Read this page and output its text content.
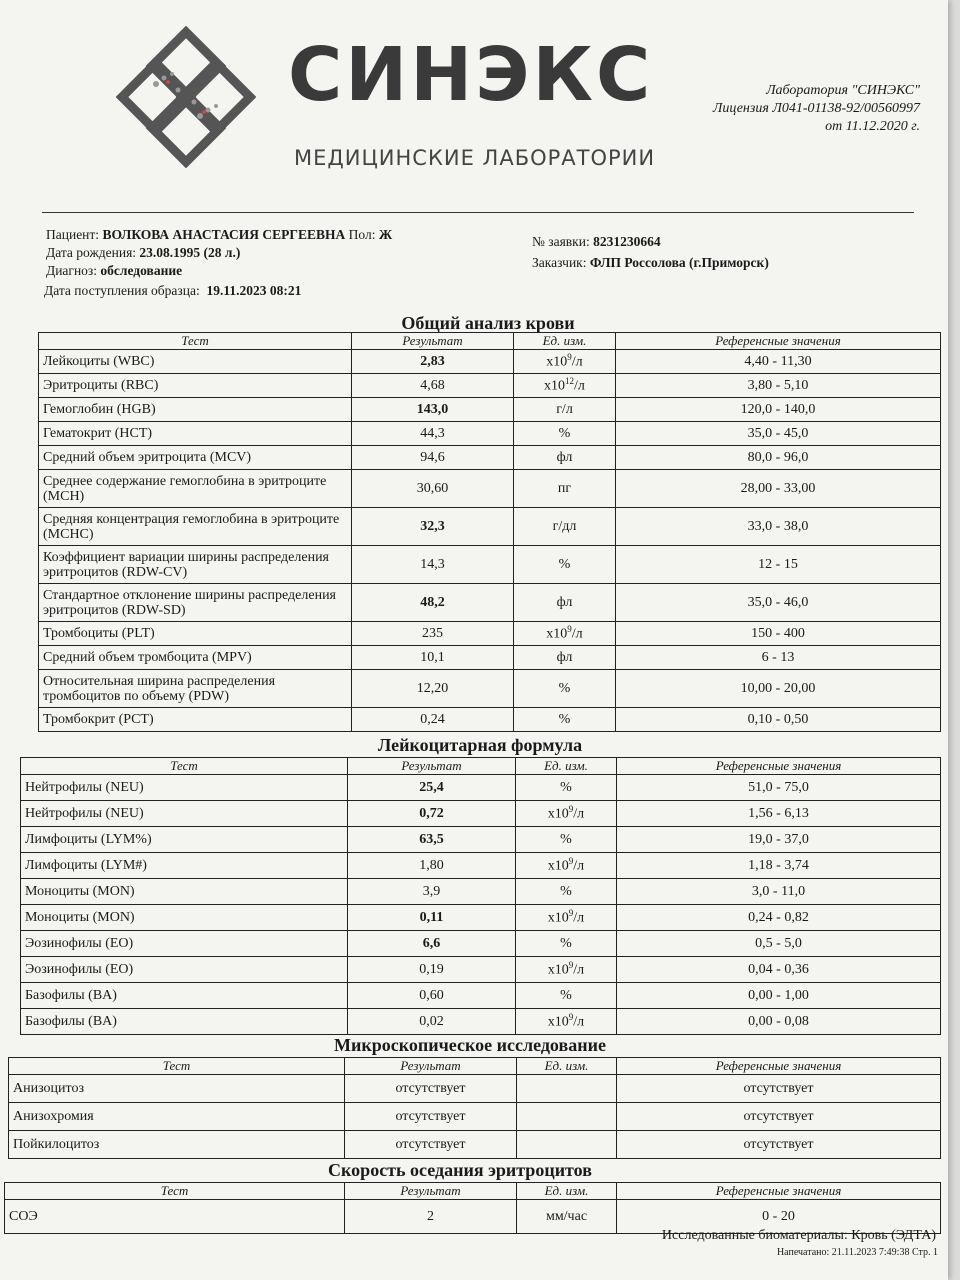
СИНЭКС
МЕДИЦИНСКИЕ ЛАБОРАТОРИИ
Лаборатория "СИНЭКС"
Лицензия Л041-01138-92/00560997
от 11.12.2020 г.
Пациент: ВОЛКОВА АНАСТАСИЯ СЕРГЕЕВНА Пол: Ж
Дата рождения: 23.08.1995 (28 л.)
Диагноз: обследование
Дата поступления образца: 19.11.2023 08:21
№ заявки: 8231230664
Заказчик: ФЛП Россолова (г.Приморск)
Общий анализ крови
Тест	Результат	Ед. изм.	Референсные значения
Лейкоциты (WBC)	2,83	$x10^9/л$	4,40 - 11,30
Эритроциты (RBC)	4,68	$x10^{12}/л$	3,80 - 5,10
Гемоглобин (HGB)	143,0	г/л	120,0 - 140,0
Гематокрит (HCT)	44,3	%	35,0 - 45,0
Средний объем эритроцита (MCV)	94,6	фл	80,0 - 96,0
Среднее содержание гемоглобина в эритроците (MCH)	30,60	пг	28,00 - 33,00
Средняя концентрация гемоглобина в эритроците (MCHC)	32,3	г/дл	33,0 - 38,0
Коэффициент вариации ширины распределения эритроцитов (RDW-CV)	14,3	%	12 - 15
Стандартное отклонение ширины распределения эритроцитов (RDW-SD)	48,2	фл	35,0 - 46,0
Тромбоциты (PLT)	235	$x10^9/л$	150 - 400
Средний объем тромбоцита (MPV)	10,1	фл	6 - 13
Относительная ширина распределения тромбоцитов по объему (PDW)	12,20	%	10,00 - 20,00
Тромбокрит (PCT)	0,24	%	0,10 - 0,50
Лейкоцитарная формула
Тест	Результат	Ед. изм.	Референсные значения
Нейтрофилы (NEU)	25,4	%	51,0 - 75,0
Нейтрофилы (NEU)	0,72	$x10^9/л$	1,56 - 6,13
Лимфоциты (LYM%)	63,5	%	19,0 - 37,0
Лимфоциты (LYM#)	1,80	$x10^9/л$	1,18 - 3,74
Моноциты (MON)	3,9	%	3,0 - 11,0
Моноциты (MON)	0,11	$x10^9/л$	0,24 - 0,82
Эозинофилы (EO)	6,6	%	0,5 - 5,0
Эозинофилы (EO)	0,19	$x10^9/л$	0,04 - 0,36
Базофилы (BA)	0,60	%	0,00 - 1,00
Базофилы (BA)	0,02	$x10^9/л$	0,00 - 0,08
Микроскопическое исследование
Тест	Результат	Ед. изм.	Референсные значения
Анизоцитоз	отсутствует		отсутствует
Анизохромия	отсутствует		отсутствует
Пойкилоцитоз	отсутствует		отсутствует
Скорость оседания эритроцитов
Тест	Результат	Ед. изм.	Референсные значения
СОЭ	2	мм/час	0 - 20
Исследованные биоматериалы: Кровь (ЭДТА)
Напечатано: 21.11.2023 7:49:38 Стр. 1
